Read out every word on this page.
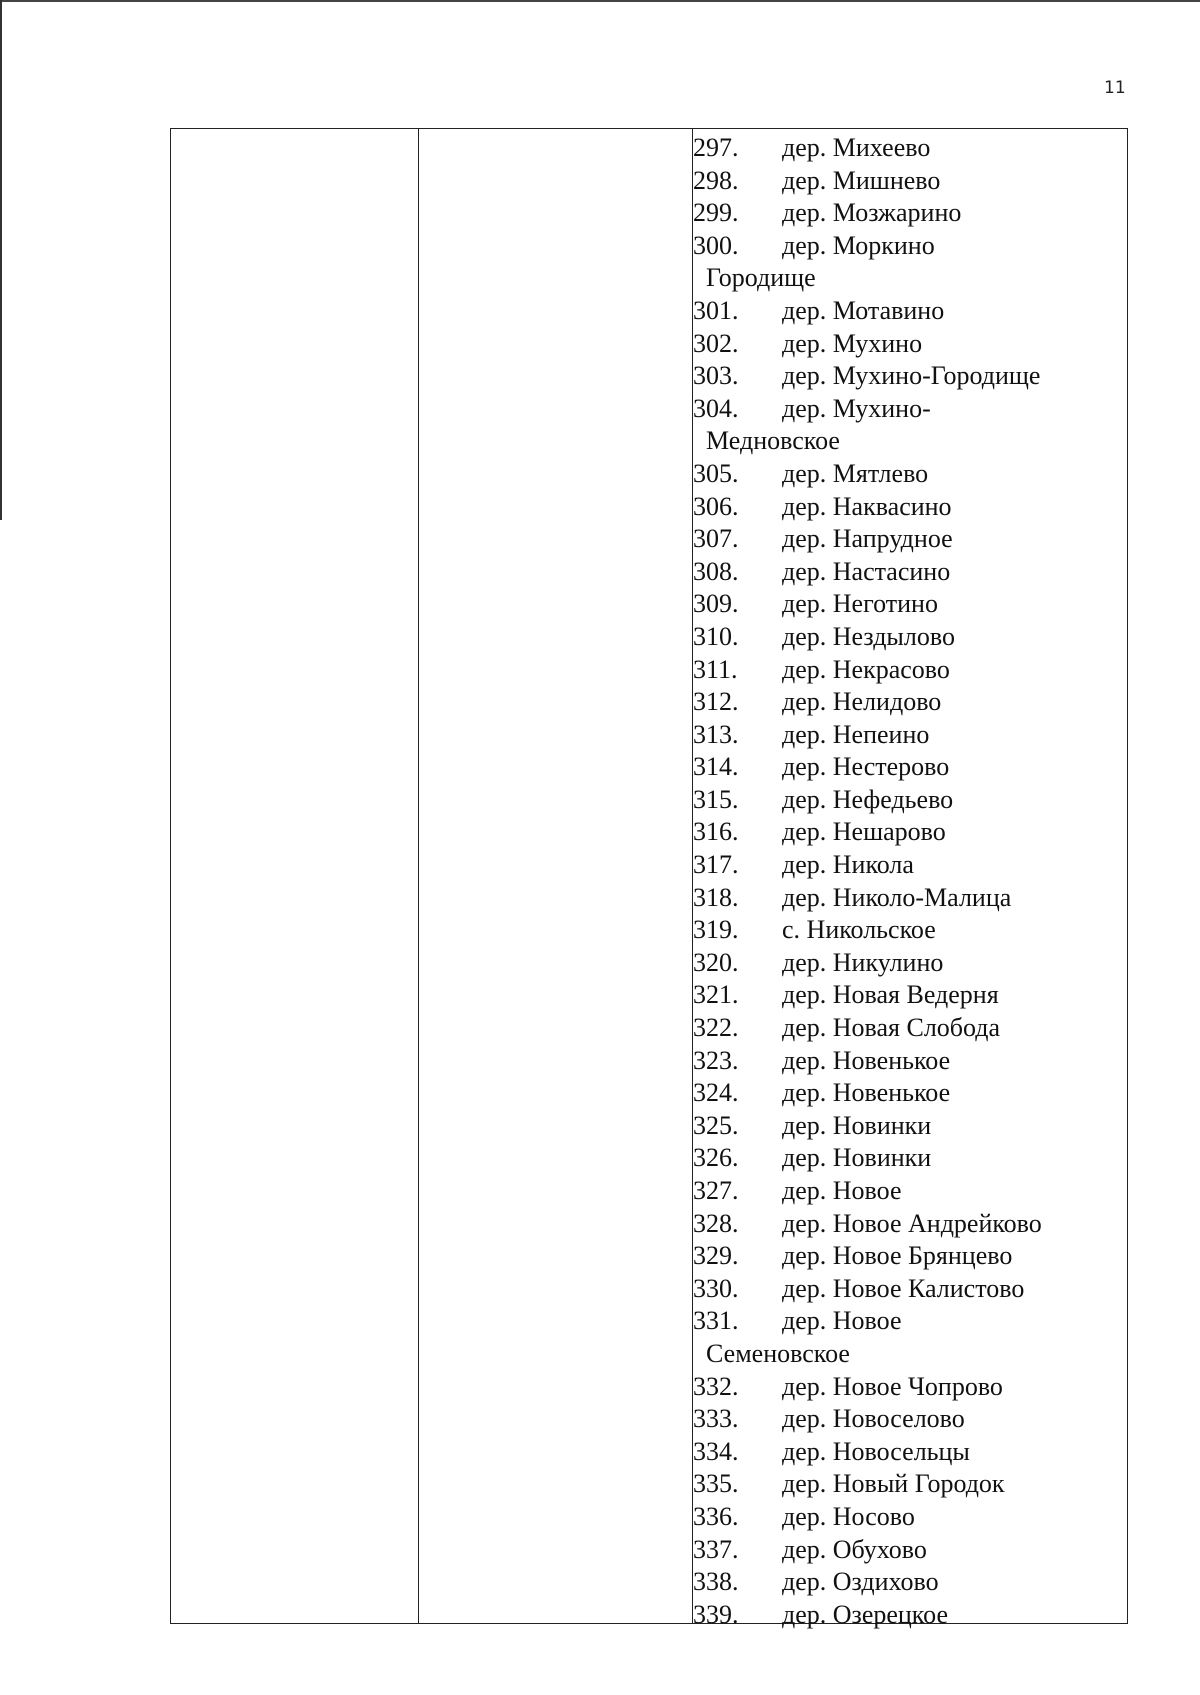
11
297. дер. Михеево
298. дер. Мишнево
299. дер. Мозжарино
300. дер. Моркино
Городище
301. дер. Мотавино
302. дер. Мухино
303. дер. Мухино-Городище
304. дер. Мухино-
Медновское
305. дер. Мятлево
306. дер. Наквасино
307. дер. Напрудное
308. дер. Настасино
309. дер. Неготино
310. дер. Нездылово
311. дер. Некрасово
312. дер. Нелидово
313. дер. Непеино
314. дер. Нестерово
315. дер. Нефедьево
316. дер. Нешарово
317. дер. Никола
318. дер. Николо-Малица
319. с. Никольское
320. дер. Никулино
321. дер. Новая Ведерня
322. дер. Новая Слобода
323. дер. Новенькое
324. дер. Новенькое
325. дер. Новинки
326. дер. Новинки
327. дер. Новое
328. дер. Новое Андрейково
329. дер. Новое Брянцево
330. дер. Новое Калистово
331. дер. Новое
Семеновское
332. дер. Новое Чопрово
333. дер. Новоселово
334. дер. Новосельцы
335. дер. Новый Городок
336. дер. Носово
337. дер. Обухово
338. дер. Оздихово
339. дер. Озерецкое
